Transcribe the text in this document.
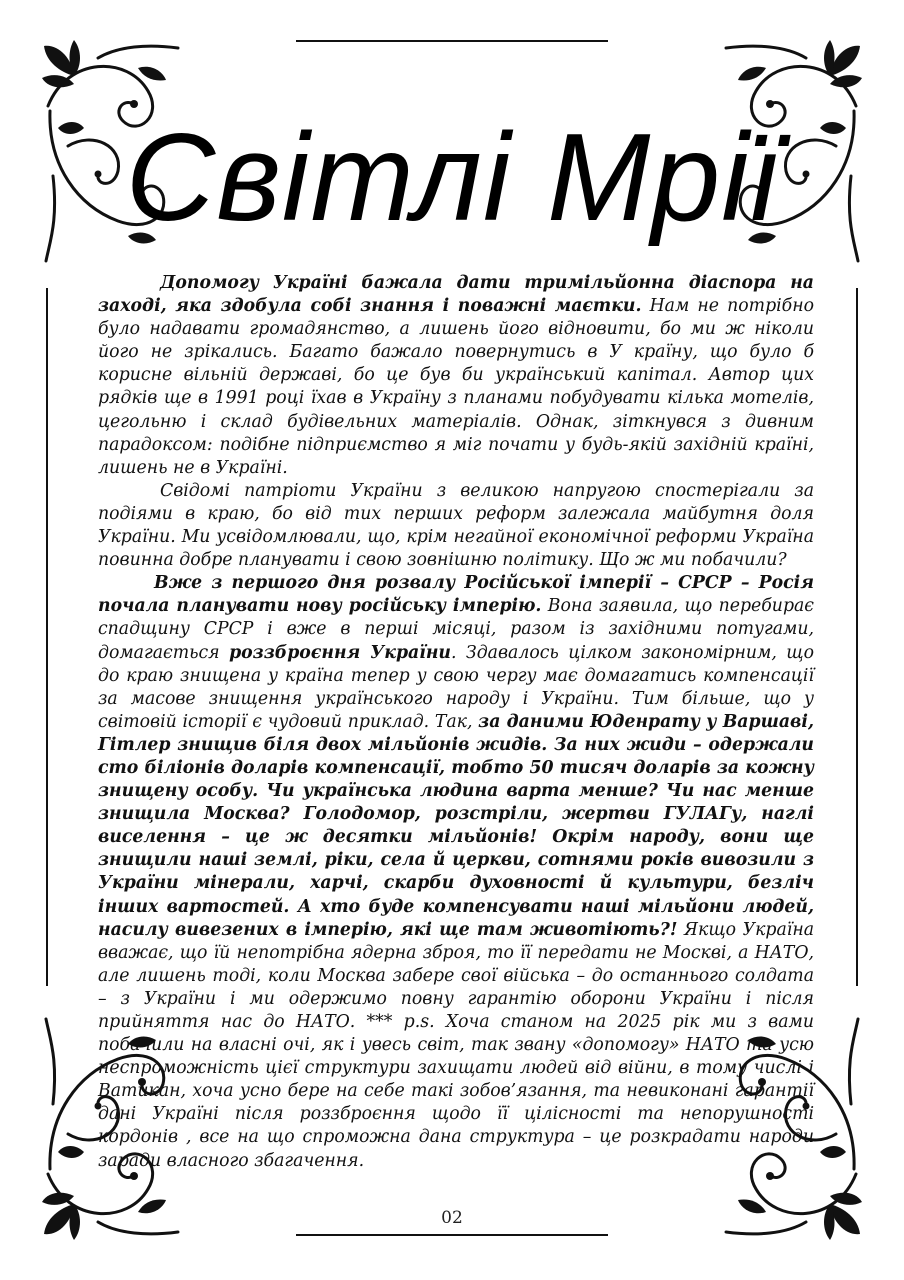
Світлі Мрії

Допомогу Україні бажала дати тримільйонна діаспора на заході, яка здобула собі знання і поважні маєтки. Нам не потрібно було надавати громадянство, а лишень його відновити, бо ми ж ніколи його не зрікались. Багато бажало повернутись в У країну, що було б корисне вільній державі, бо це був би український капітал. Автор цих рядків ще в 1991 році їхав в Україну з планами побудувати кілька мотелів, цегольню і склад будівельних матеріалів. Однак, зіткнувся з дивним парадоксом: подібне підприємство я міг почати у будь-якій західній країні, лишень не в Україні.

Свідомі патріоти України з великою напругою спостерігали за подіями в краю, бо від тих перших реформ залежала майбутня доля України. Ми усвідомлювали, що, крім негайної економічної реформи Україна повинна добре планувати і свою зовнішню політику. Що ж ми побачили?

Вже з першого дня розвалу Російської імперії – СРСР – Росія почала планувати нову російську імперію. Вона заявила, що перебирає спадщину СРСР і вже в перші місяці, разом із західними потугами, домагається роззброєння України. Здавалось цілком закономірним, що до краю знищена у країна тепер у свою чергу має домагатись компенсації за масове знищення українського народу і України. Тим більше, що у світовій історії є чудовий приклад. Так, за даними Юденрату у Варшаві, Гітлер знищив біля двох мільйонів жидів. За них жиди – одержали сто біліонів доларів компенсації, тобто 50 тисяч доларів за кожну знищену особу. Чи українська людина варта менше? Чи нас менше знищила Москва? Голодомор, розстріли, жертви ГУЛАГу, наглі виселення – це ж десятки мільйонів! Окрім народу, вони ще знищили наші землі, ріки, села й церкви, сотнями років вивозили з України мінерали, харчі, скарби духовності й культури, безліч інших вартостей. А хто буде компенсувати наші мільйони людей, насилу вивезених в імперію, які ще там животіють?! Якщо Україна вважає, що їй непотрібна ядерна зброя, то її передати не Москві, а НАТО, але лишень тоді, коли Москва забере свої війська – до останнього солдата – з України і ми одержимо повну гарантію оборони України і після прийняття нас до НАТО. *** p.s. Хоча станом на 2025 рік ми з вами побачили на власні очі, як і увесь світ, так звану «допомогу» НАТО та усю неспроможність цієї структури захищати людей від війни, в тому числі і Ватикан, хоча усно бере на себе такі зобов’язання, та невиконані гарантії дані Україні після роззброєння щодо її цілісності та непорушності кордонів , все на що спроможна дана структура – це розкрадати народи заради власного збагачення.

02
